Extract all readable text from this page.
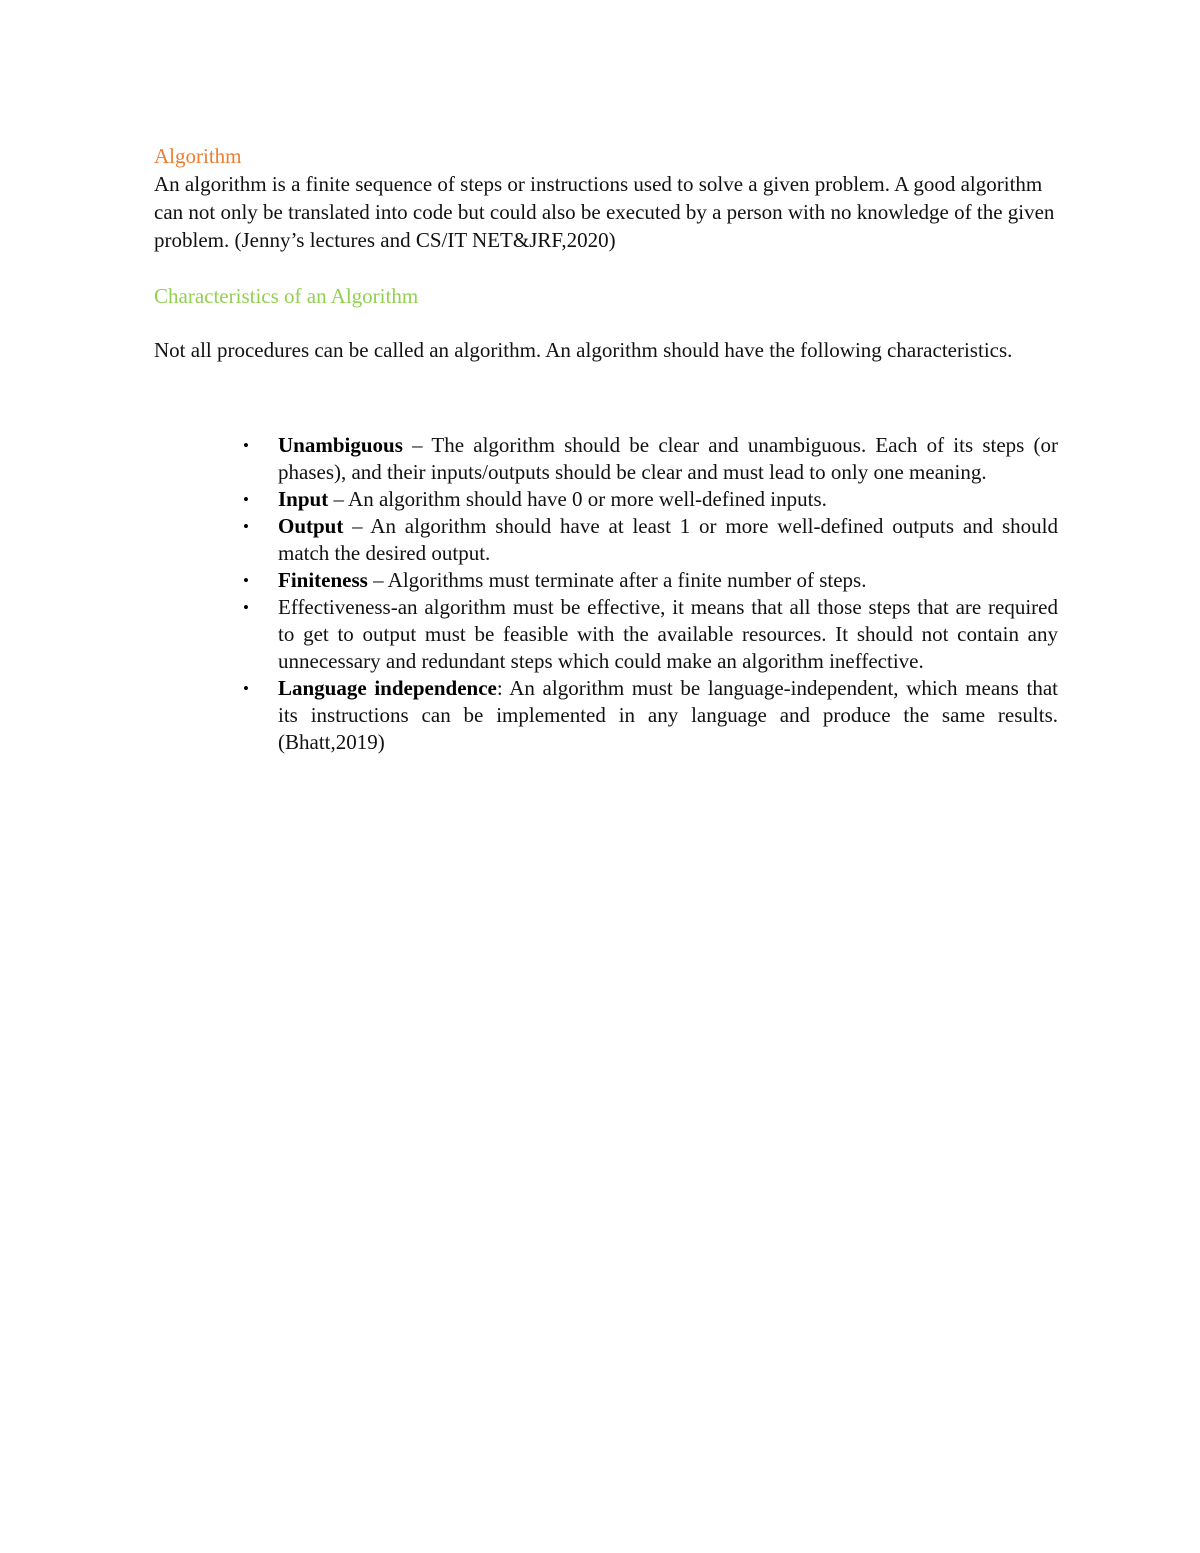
Algorithm

An algorithm is a finite sequence of steps or instructions used to solve a given problem. A good algorithm can not only be translated into code but could also be executed by a person with no knowledge of the given problem. (Jenny’s lectures and CS/IT NET&JRF,2020)

Characteristics of an Algorithm

Not all procedures can be called an algorithm. An algorithm should have the following characteristics.

• Unambiguous – The algorithm should be clear and unambiguous. Each of its steps (or phases), and their inputs/outputs should be clear and must lead to only one meaning.
• Input – An algorithm should have 0 or more well-defined inputs.
• Output – An algorithm should have at least 1 or more well-defined outputs and should match the desired output.
• Finiteness – Algorithms must terminate after a finite number of steps.
• Effectiveness-an algorithm must be effective, it means that all those steps that are required to get to output must be feasible with the available resources. It should not contain any unnecessary and redundant steps which could make an algorithm ineffective.
• Language independence: An algorithm must be language-independent, which means that its instructions can be implemented in any language and produce the same results. (Bhatt,2019)
